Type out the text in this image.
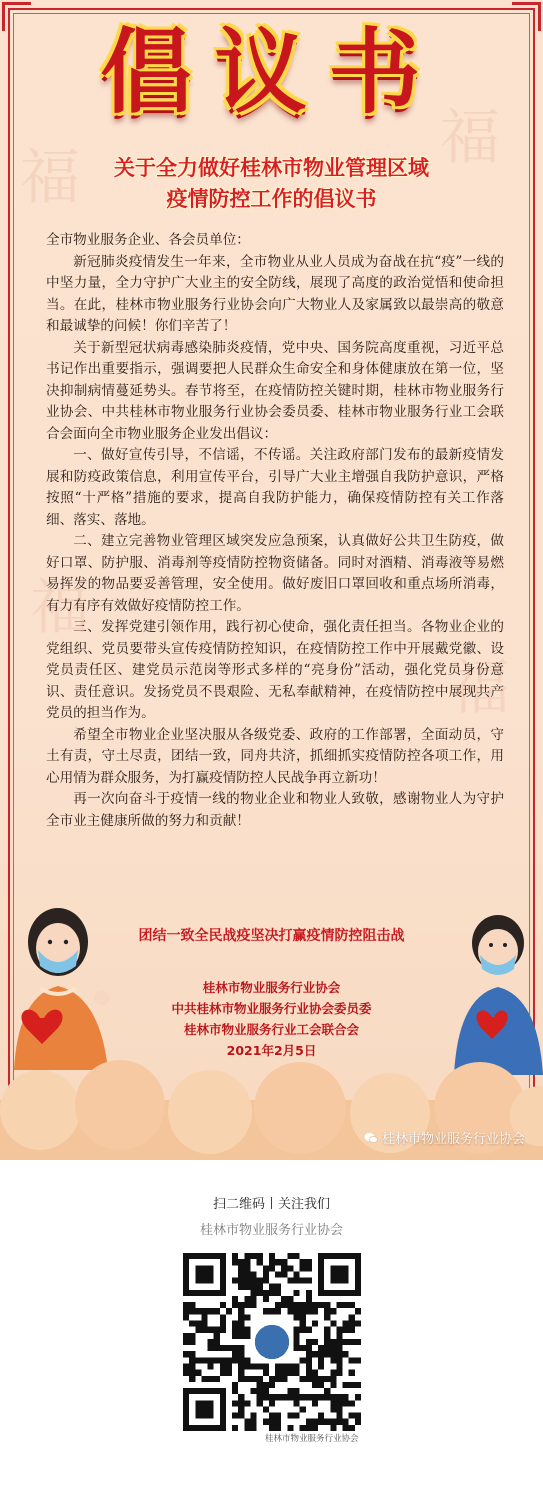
福
福
福
福
倡议书
关于全力做好桂林市物业管理区域
疫情防控工作的倡议书

全市物业服务企业、各会员单位：

新冠肺炎疫情发生一年来，全市物业从业人员成为奋战在抗“疫”一线的中坚力量，全力守护广大业主的安全防线，展现了高度的政治觉悟和使命担当。在此，桂林市物业服务行业协会向广大物业人及家属致以最崇高的敬意和最诚挚的问候！你们辛苦了！

关于新型冠状病毒感染肺炎疫情，党中央、国务院高度重视，习近平总书记作出重要指示，强调要把人民群众生命安全和身体健康放在第一位，坚决抑制病情蔓延势头。春节将至，在疫情防控关键时期，桂林市物业服务行业协会、中共桂林市物业服务行业协会委员委、桂林市物业服务行业工会联合会面向全市物业服务企业发出倡议：

一、做好宣传引导，不信谣，不传谣。关注政府部门发布的最新疫情发展和防疫政策信息，利用宣传平台，引导广大业主增强自我防护意识，严格按照“十严格”措施的要求，提高自我防护能力，确保疫情防控有关工作落细、落实、落地。

二、建立完善物业管理区域突发应急预案，认真做好公共卫生防疫，做好口罩、防护服、消毒剂等疫情防控物资储备。同时对酒精、消毒液等易燃易挥发的物品要妥善管理，安全使用。做好废旧口罩回收和重点场所消毒，有力有序有效做好疫情防控工作。

三、发挥党建引领作用，践行初心使命，强化责任担当。各物业企业的党组织、党员要带头宣传疫情防控知识，在疫情防控工作中开展戴党徽、设党员责任区、建党员示范岗等形式多样的“亮身份”活动，强化党员身份意识、责任意识。发扬党员不畏艰险、无私奉献精神，在疫情防控中展现共产党员的担当作为。

希望全市物业企业坚决服从各级党委、政府的工作部署，全面动员，守土有责，守土尽责，团结一致，同舟共济，抓细抓实疫情防控各项工作，用心用情为群众服务，为打赢疫情防控人民战争再立新功！

再一次向奋斗于疫情一线的物业企业和物业人致敬，感谢物业人为守护全市业主健康所做的努力和贡献！

团结一致全民战疫坚决打赢疫情防控阻击战
桂林市物业服务行业协会
中共桂林市物业服务行业协会委员委
桂林市物业服务行业工会联合会
2021年2月5日
桂林市物业服务行业协会
扫二维码丨关注我们
桂林市物业服务行业协会
桂林市物业服务行业协会
